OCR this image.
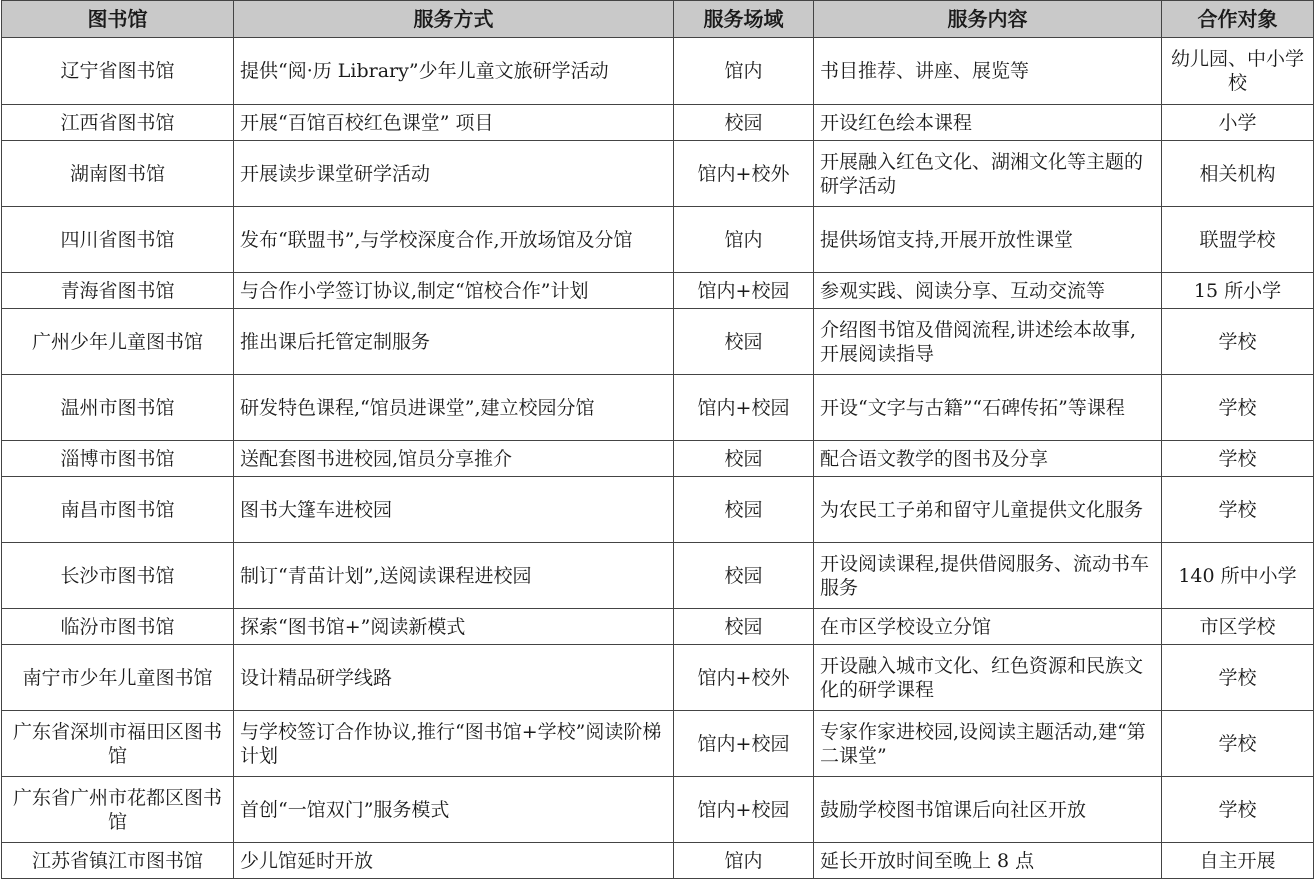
图书馆	服务方式	服务场域	服务内容	合作对象
辽宁省图书馆	提供“阅·历 Library”少年儿童文旅研学活动	馆内	书目推荐、讲座、展览等	幼儿园、中小学校
江西省图书馆	开展“百馆百校红色课堂” 项目	校园	开设红色绘本课程	小学
湖南图书馆	开展读步课堂研学活动	馆内+校外	开展融入红色文化、湖湘文化等主题的研学活动	相关机构
四川省图书馆	发布“联盟书”,与学校深度合作,开放场馆及分馆	馆内	提供场馆支持,开展开放性课堂	联盟学校
青海省图书馆	与合作小学签订协议,制定“馆校合作”计划	馆内+校园	参观实践、阅读分享、互动交流等	15 所小学
广州少年儿童图书馆	推出课后托管定制服务	校园	介绍图书馆及借阅流程,讲述绘本故事,开展阅读指导	学校
温州市图书馆	研发特色课程,“馆员进课堂”,建立校园分馆	馆内+校园	开设“文字与古籍”“石碑传拓”等课程	学校
淄博市图书馆	送配套图书进校园,馆员分享推介	校园	配合语文教学的图书及分享	学校
南昌市图书馆	图书大篷车进校园	校园	为农民工子弟和留守儿童提供文化服务	学校
长沙市图书馆	制订“青苗计划”,送阅读课程进校园	校园	开设阅读课程,提供借阅服务、流动书车服务	140 所中小学
临汾市图书馆	探索“图书馆+”阅读新模式	校园	在市区学校设立分馆	市区学校
南宁市少年儿童图书馆	设计精品研学线路	馆内+校外	开设融入城市文化、红色资源和民族文化的研学课程	学校
广东省深圳市福田区图书馆	与学校签订合作协议,推行“图书馆+学校”阅读阶梯计划	馆内+校园	专家作家进校园,设阅读主题活动,建“第二课堂”	学校
广东省广州市花都区图书馆	首创“一馆双门”服务模式	馆内+校园	鼓励学校图书馆课后向社区开放	学校
江苏省镇江市图书馆	少儿馆延时开放	馆内	延长开放时间至晚上 8 点	自主开展
